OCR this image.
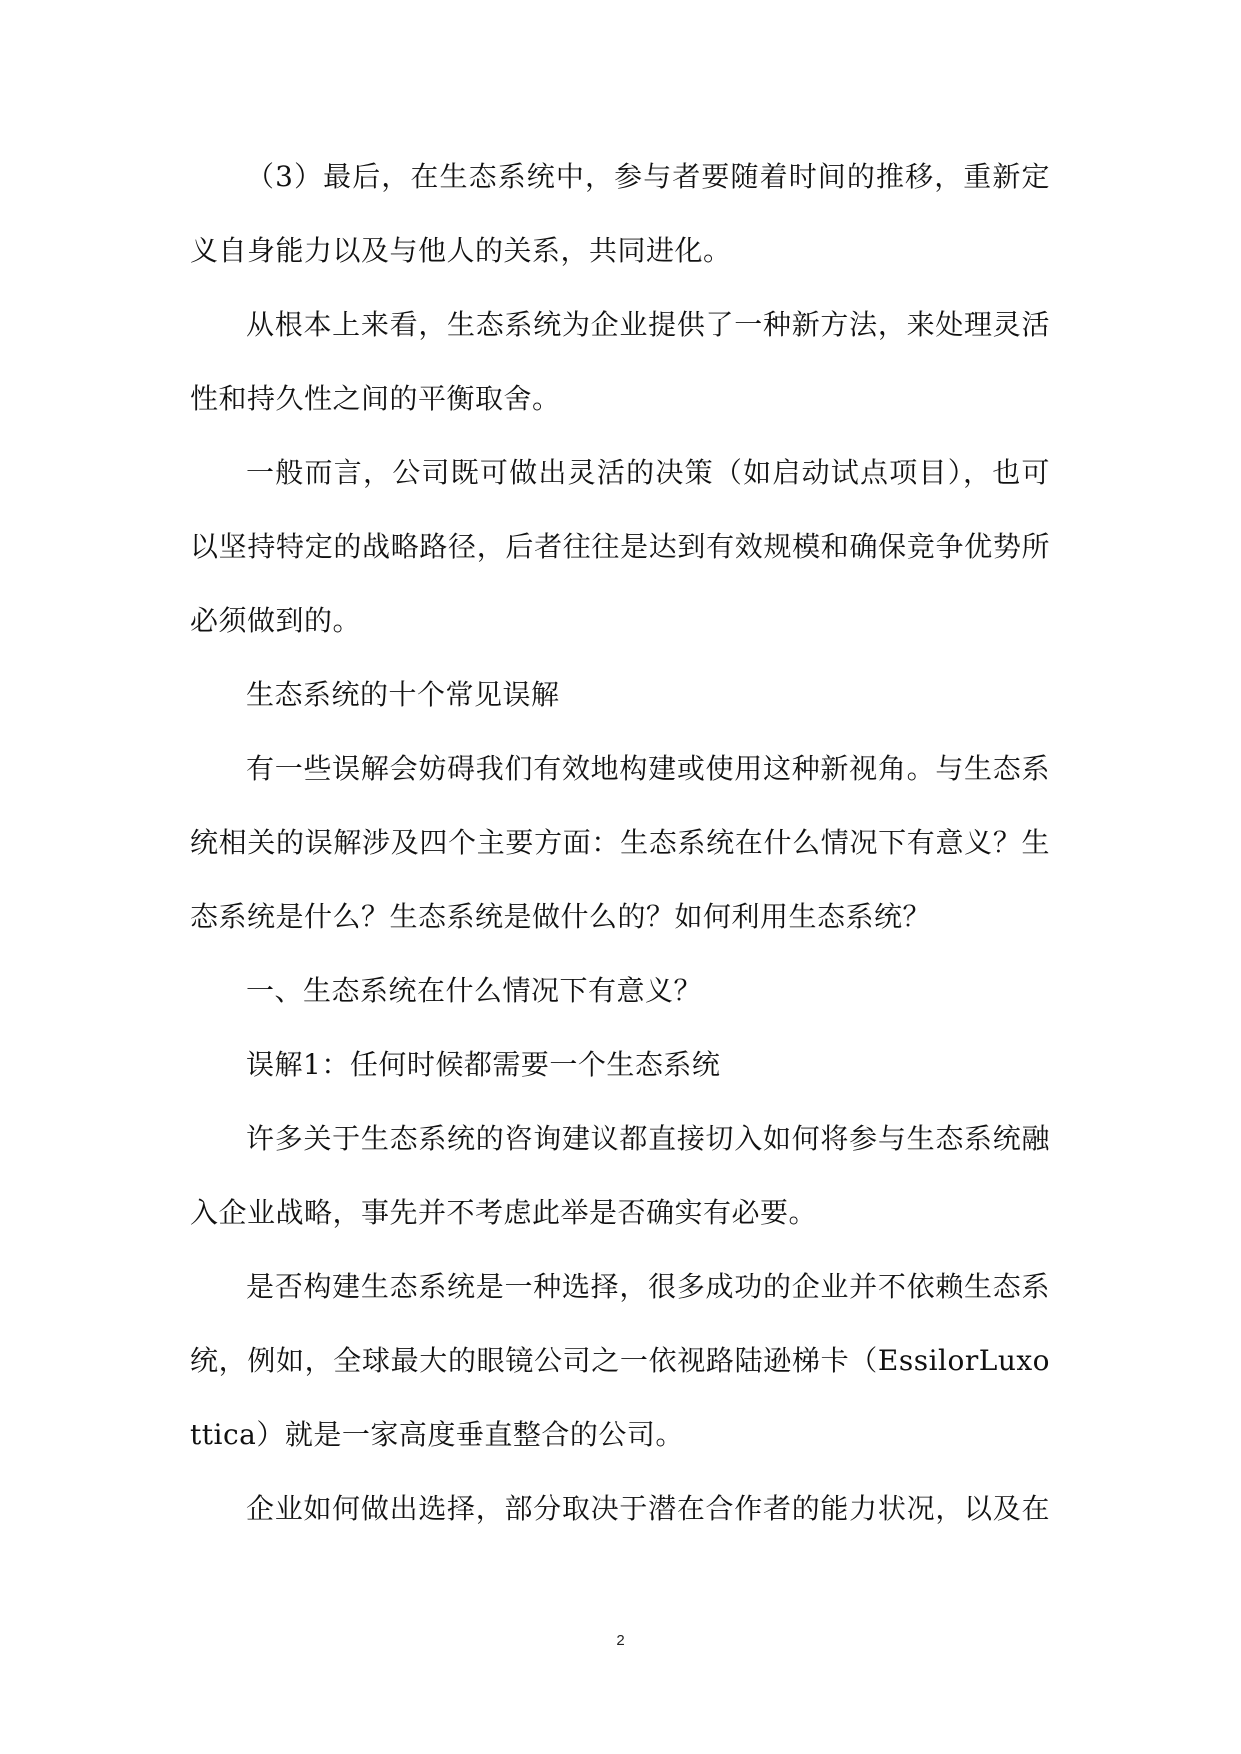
（3）最后，在生态系统中，参与者要随着时间的推移，重新定义自身能力以及与他人的关系，共同进化。

从根本上来看，生态系统为企业提供了一种新方法，来处理灵活性和持久性之间的平衡取舍。

一般而言，公司既可做出灵活的决策（如启动试点项目），也可以坚持特定的战略路径，后者往往是达到有效规模和确保竞争优势所必须做到的。

生态系统的十个常见误解

有一些误解会妨碍我们有效地构建或使用这种新视角。与生态系统相关的误解涉及四个主要方面：生态系统在什么情况下有意义？生态系统是什么？生态系统是做什么的？如何利用生态系统？

一、生态系统在什么情况下有意义？

误解1：任何时候都需要一个生态系统

许多关于生态系统的咨询建议都直接切入如何将参与生态系统融入企业战略，事先并不考虑此举是否确实有必要。

是否构建生态系统是一种选择，很多成功的企业并不依赖生态系统，例如，全球最大的眼镜公司之一依视路陆逊梯卡（EssilorLuxottica）就是一家高度垂直整合的公司。

企业如何做出选择，部分取决于潜在合作者的能力状况，以及在

2
